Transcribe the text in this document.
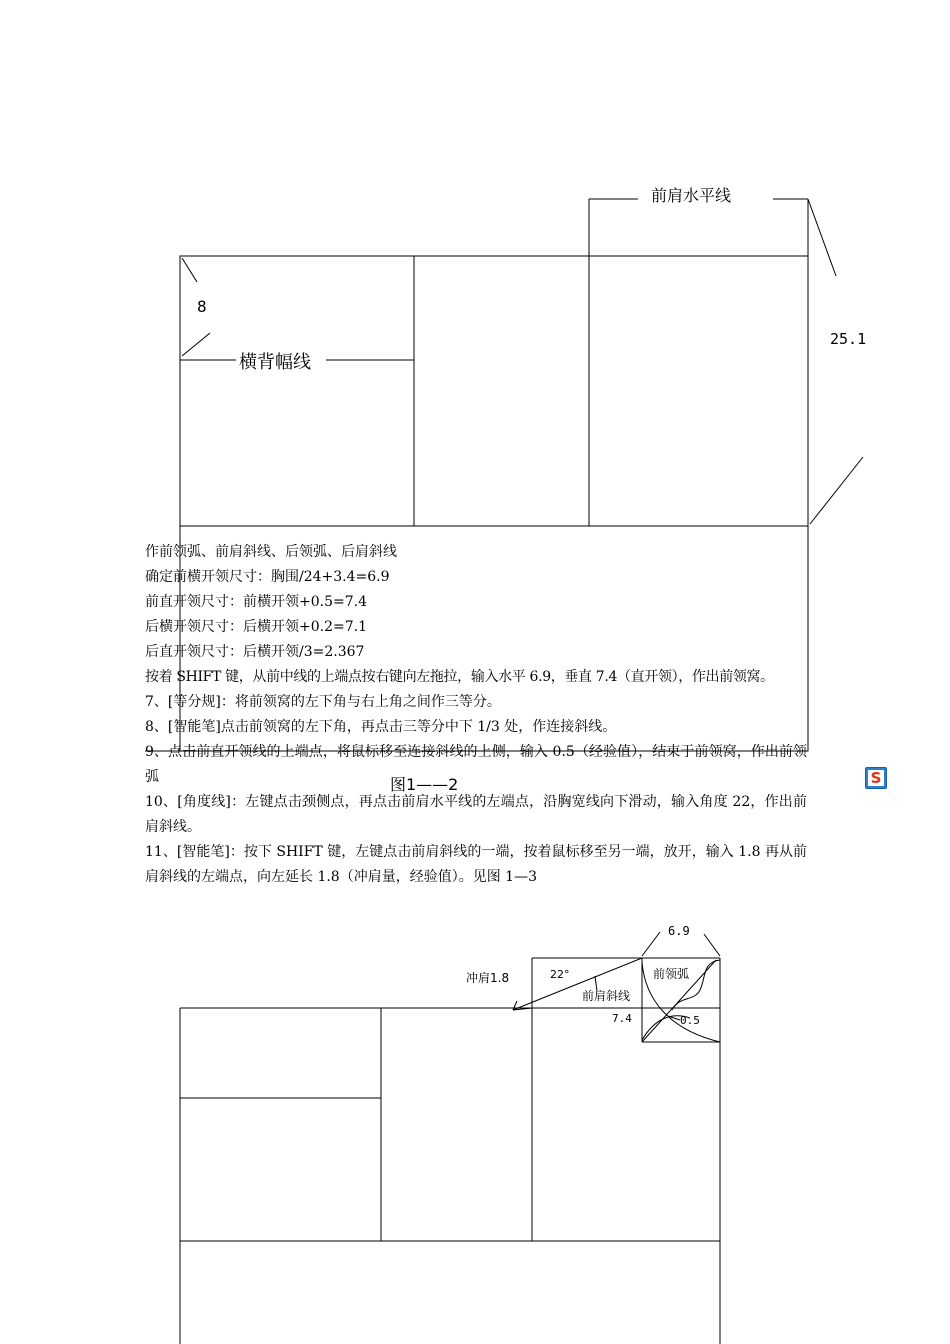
前肩水平线
横背幅线
8
25.1
图1——2

作前领弧、前肩斜线、后领弧、后肩斜线

确定前横开领尺寸：胸围/24+3.4=6.9

前直开领尺寸：前横开领+0.5=7.4

后横开领尺寸：后横开领+0.2=7.1

后直开领尺寸：后横开领/3=2.367

按着 SHIFT 键，从前中线的上端点按右键向左拖拉，输入水平 6.9，垂直 7.4（直开领），作出前领窝。

7、[等分规]：将前领窝的左下角与右上角之间作三等分。

8、[智能笔]点击前领窝的左下角，再点击三等分中下 1/3 处，作连接斜线。

9、点击前直开领线的上端点，将鼠标移至连接斜线的上侧，输入 0.5（经验值），结束于前领窝，作出前领弧

10、[角度线]：左键点击颈侧点，再点击前肩水平线的左端点，沿胸宽线向下滑动，输入角度 22，作出前肩斜线。

11、[智能笔]：按下 SHIFT 键，左键点击前肩斜线的一端，按着鼠标移至另一端，放开，输入 1.8 再从前肩斜线的左端点，向左延长 1.8（冲肩量，经验值）。见图 1—3

S
6.9
22°
冲肩1.8
前肩斜线
前领弧
7.4	0.5
